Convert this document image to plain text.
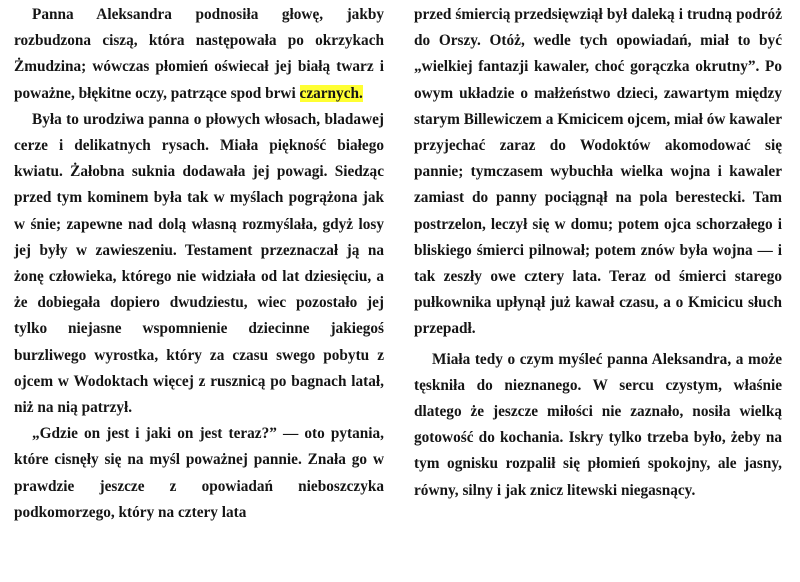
Panna Aleksandra podnosiła głowę, jakby rozbudzona ciszą, która następowała po okrzykach Żmudzina; wówczas płomień oświecał jej białą twarz i poważne, błękitne oczy, patrzące spod brwi czarnych.

Była to urodziwa panna o płowych włosach, bladawej cerze i delikatnych rysach. Miała piękność białego kwiatu. Żałobna suknia dodawała jej powagi. Siedząc przed tym kominem była tak w myślach pogrążona jak w śnie; zapewne nad dolą własną rozmyślała, gdyż losy jej były w zawieszeniu. Testament przeznaczał ją na żonę człowieka, którego nie widziała od lat dziesięciu, a że dobiegała dopiero dwudziestu, wiec pozostało jej tylko niejasne wspomnienie dziecinne jakiegoś burzliwego wyrostka, który za czasu swego pobytu z ojcem w Wodoktach więcej z rusznicą po bagnach latał, niż na nią patrzył.

„Gdzie on jest i jaki on jest teraz?” — oto pytania, które cisnęły się na myśl poważnej pannie. Znała go w prawdzie jeszcze z opowiadań nieboszczyka podkomorzego, który na cztery lata

przed śmiercią przedsięwziął był daleką i trudną podróż do Orszy. Otóż, wedle tych opowiadań, miał to być „wielkiej fantazji kawaler, choć gorączka okrutny”. Po owym układzie o małżeństwo dzieci, zawartym między starym Billewiczem a Kmicicem ojcem, miał ów kawaler przyjechać zaraz do Wodoktów akomodować się pannie; tymczasem wybuchła wielka wojna i kawaler zamiast do panny pociągnął na pola berestecki. Tam postrzelon, leczył się w domu; potem ojca schorzałego i bliskiego śmierci pilnował; potem znów była wojna — i tak zeszły owe cztery lata. Teraz od śmierci starego pułkownika upłynął już kawał czasu, a o Kmicicu słuch przepadł.

Miała tedy o czym myśleć panna Aleksandra, a może tęskniła do nieznanego. W sercu czystym, właśnie dlatego że jeszcze miłości nie zaznało, nosiła wielką gotowość do kochania. Iskry tylko trzeba było, żeby na tym ognisku rozpalił się płomień spokojny, ale jasny, równy, silny i jak znicz litewski niegasnący.
